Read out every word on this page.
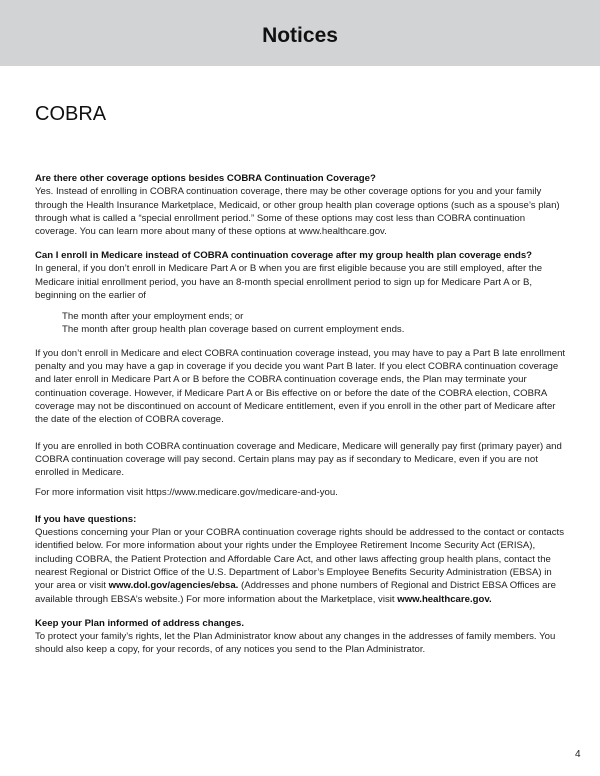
Notices
COBRA
Are there other coverage options besides COBRA Continuation Coverage?

Yes. Instead of enrolling in COBRA continuation coverage, there may be other coverage options for you and your family through the Health Insurance Marketplace, Medicaid, or other group health plan coverage options (such as a spouse’s plan) through what is called a “special enrollment period.” Some of these options may cost less than COBRA continuation coverage. You can learn more about many of these options at www.healthcare.gov.

Can I enroll in Medicare instead of COBRA continuation coverage after my group health plan coverage ends?

In general, if you don’t enroll in Medicare Part A or B when you are first eligible because you are still employed, after the Medicare initial enrollment period, you have an 8-month special enrollment period to sign up for Medicare Part A or B, beginning on the earlier of

The month after your employment ends; or
The month after group health plan coverage based on current employment ends.

If you don’t enroll in Medicare and elect COBRA continuation coverage instead, you may have to pay a Part B late enrollment penalty and you may have a gap in coverage if you decide you want Part B later. If you elect COBRA continuation coverage and later enroll in Medicare Part A or B before the COBRA continuation coverage ends, the Plan may terminate your continuation coverage. However, if Medicare Part A or Bis effective on or before the date of the COBRA election, COBRA coverage may not be discontinued on account of Medicare entitlement, even if you enroll in the other part of Medicare after the date of the election of COBRA coverage.

If you are enrolled in both COBRA continuation coverage and Medicare, Medicare will generally pay first (primary payer) and COBRA continuation coverage will pay second. Certain plans may pay as if secondary to Medicare, even if you are not enrolled in Medicare.

For more information visit https://www.medicare.gov/medicare-and-you.

If you have questions:

Questions concerning your Plan or your COBRA continuation coverage rights should be addressed to the contact or contacts identified below. For more information about your rights under the Employee Retirement Income Security Act (ERISA), including COBRA, the Patient Protection and Affordable Care Act, and other laws affecting group health plans, contact the nearest Regional or District Office of the U.S. Department of Labor’s Employee Benefits Security Administration (EBSA) in your area or visit www.dol.gov/agencies/ebsa. (Addresses and phone numbers of Regional and District EBSA Offices are available through EBSA’s website.) For more information about the Marketplace, visit www.healthcare.gov.

Keep your Plan informed of address changes.

To protect your family’s rights, let the Plan Administrator know about any changes in the addresses of family members. You should also keep a copy, for your records, of any notices you send to the Plan Administrator.

4
